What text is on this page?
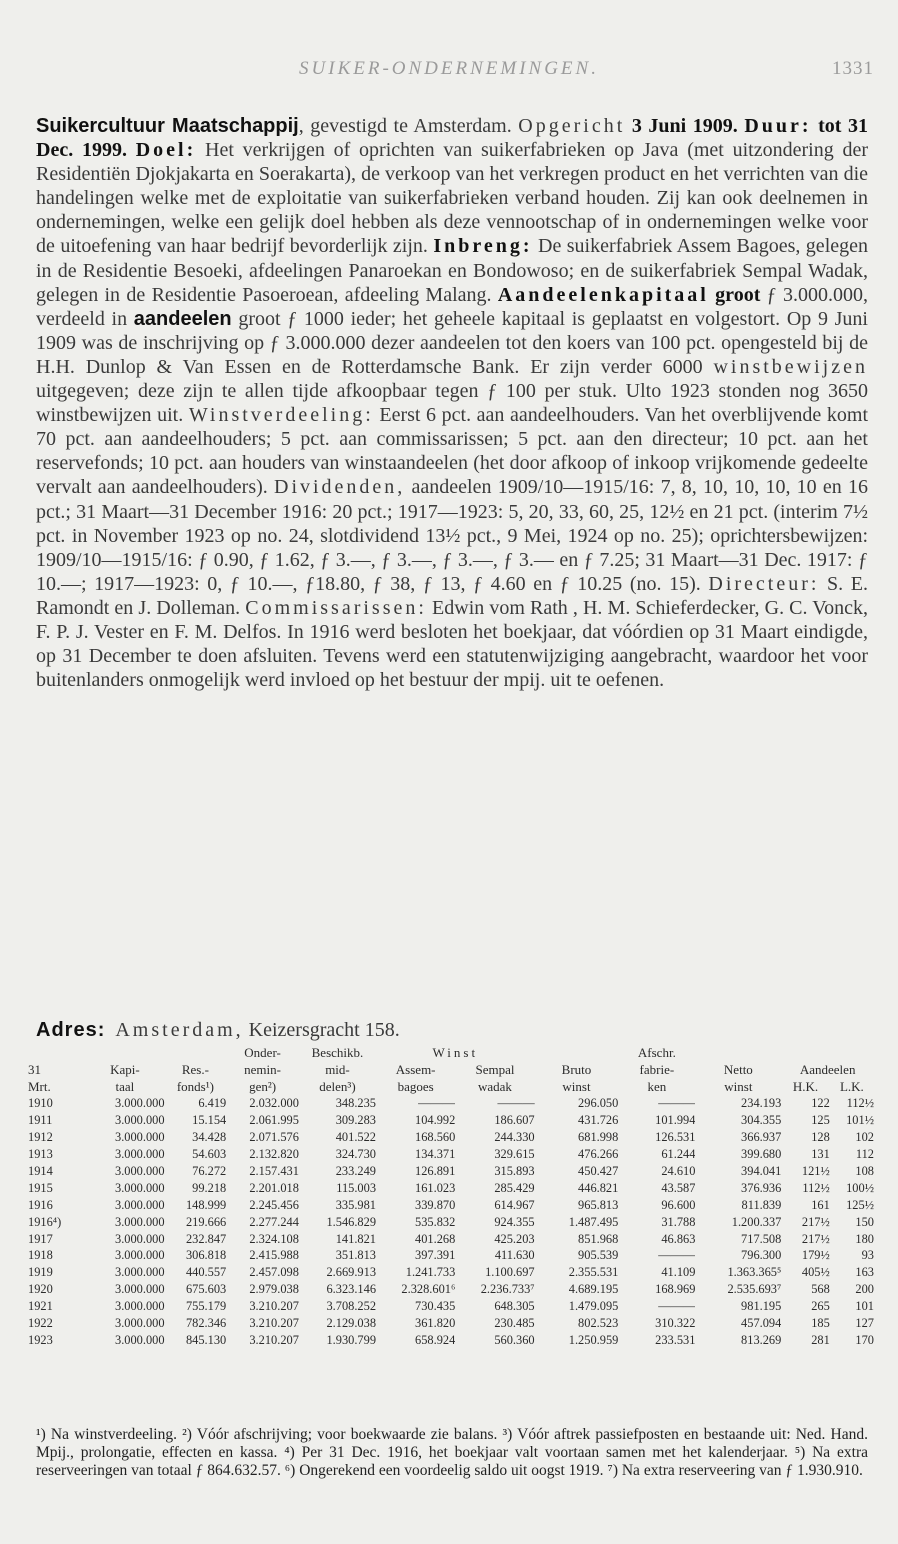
SUIKER-ONDERNEMINGEN.	1331
Suikercultuur Maatschappij, gevestigd te Amsterdam. Opgericht 3 Juni 1909. Duur: tot 31 Dec. 1999. Doel: Het verkrijgen of oprichten van suikerfabrieken op Java (met uitzondering der Residentiën Djokjakarta en Soerakarta), de verkoop van het verkregen product en het verrichten van die handelingen welke met de exploitatie van suikerfabrieken verband houden. Zij kan ook deelnemen in ondernemingen, welke een gelijk doel hebben als deze vennootschap of in ondernemingen welke voor de uitoefening van haar bedrijf bevorderlijk zijn. Inbreng: De suikerfabriek Assem Bagoes, gelegen in de Residentie Besoeki, afdeelingen Panaroekan en Bondowoso; en de suikerfabriek Sempal Wadak, gelegen in de Residentie Pasoeroean, afdeeling Malang. Aandeelenkapitaal groot ƒ 3.000.000, verdeeld in aandeelen groot ƒ 1000 ieder; het geheele kapitaal is geplaatst en volgestort. Op 9 Juni 1909 was de inschrijving op ƒ 3.000.000 dezer aandeelen tot den koers van 100 pct. opengesteld bij de H.H. Dunlop & Van Essen en de Rotterdamsche Bank. Er zijn verder 6000 winstbewijzen uitgegeven; deze zijn te allen tijde afkoopbaar tegen ƒ 100 per stuk. Ulto 1923 stonden nog 3650 winstbewijzen uit. Winstverdeeling: Eerst 6 pct. aan aandeelhouders. Van het overblijvende komt 70 pct. aan aandeelhouders; 5 pct. aan commissarissen; 5 pct. aan den directeur; 10 pct. aan het reservefonds; 10 pct. aan houders van winstaandeelen (het door afkoop of inkoop vrijkomende gedeelte vervalt aan aandeelhouders). Dividenden, aandeelen 1909/10—1915/16: 7, 8, 10, 10, 10, 10 en 16 pct.; 31 Maart—31 December 1916: 20 pct.; 1917—1923: 5, 20, 33, 60, 25, 12½ en 21 pct. (interim 7½ pct. in November 1923 op no. 24, slotdividend 13½ pct., 9 Mei, 1924 op no. 25); oprichtersbewijzen: 1909/10—1915/16: ƒ 0.90, ƒ 1.62, ƒ 3.—, ƒ 3.—, ƒ 3.—, ƒ 3.— en ƒ 7.25; 31 Maart—31 Dec. 1917: ƒ 10.—; 1917—1923: 0, ƒ 10.—, ƒ18.80, ƒ 38, ƒ 13, ƒ 4.60 en ƒ 10.25 (no. 15). Directeur: S. E. Ramondt en J. Dolleman. Commissarissen: Edwin vom Rath , H. M. Schieferdecker, G. C. Vonck, F. P. J. Vester en F. M. Delfos. In 1916 werd besloten het boekjaar, dat vóórdien op 31 Maart eindigde, op 31 December te doen afsluiten. Tevens werd een statutenwijziging aangebracht, waardoor het voor buitenlanders onmogelijk werd invloed op het bestuur der mpij. uit te oefenen.
Adres: Amsterdam, Keizersgracht 158.
			Onder-	Beschikb.	Winst			Afschr.			
31	Kapi-	Res.-	nemin-	mid-	Assem-	Sempal	Bruto	fabrie-	Netto	Aandeelen	
Mrt.	taal	fonds¹)	gen²)	delen³)	bagoes	wadak	winst	ken	winst	H.K.	L.K.
1910	3.000.000	6.419	2.032.000	348.235	———	———	296.050	———	234.193	122	112½
1911	3.000.000	15.154	2.061.995	309.283	104.992	186.607	431.726	101.994	304.355	125	101½
1912	3.000.000	34.428	2.071.576	401.522	168.560	244.330	681.998	126.531	366.937	128	102
1913	3.000.000	54.603	2.132.820	324.730	134.371	329.615	476.266	61.244	399.680	131	112
1914	3.000.000	76.272	2.157.431	233.249	126.891	315.893	450.427	24.610	394.041	121½	108
1915	3.000.000	99.218	2.201.018	115.003	161.023	285.429	446.821	43.587	376.936	112½	100½
1916	3.000.000	148.999	2.245.456	335.981	339.870	614.967	965.813	96.600	811.839	161	125½
1916⁴)	3.000.000	219.666	2.277.244	1.546.829	535.832	924.355	1.487.495	31.788	1.200.337	217½	150
1917	3.000.000	232.847	2.324.108	141.821	401.268	425.203	851.968	46.863	717.508	217½	180
1918	3.000.000	306.818	2.415.988	351.813	397.391	411.630	905.539	———	796.300	179½	93
1919	3.000.000	440.557	2.457.098	2.669.913	1.241.733	1.100.697	2.355.531	41.109	1.363.365⁵	405½	163
1920	3.000.000	675.603	2.979.038	6.323.146	2.328.601⁶	2.236.733⁷	4.689.195	168.969	2.535.693⁷	568	200
1921	3.000.000	755.179	3.210.207	3.708.252	730.435	648.305	1.479.095	———	981.195	265	101
1922	3.000.000	782.346	3.210.207	2.129.038	361.820	230.485	802.523	310.322	457.094	185	127
1923	3.000.000	845.130	3.210.207	1.930.799	658.924	560.360	1.250.959	233.531	813.269	281	170
¹) Na winstverdeeling. ²) Vóór afschrijving; voor boekwaarde zie balans. ³) Vóór aftrek passiefposten en bestaande uit: Ned. Hand. Mpij., prolongatie, effecten en kassa. ⁴) Per 31 Dec. 1916, het boekjaar valt voortaan samen met het kalenderjaar. ⁵) Na extra reserveeringen van totaal ƒ 864.632.57. ⁶) Ongerekend een voordeelig saldo uit oogst 1919. ⁷) Na extra reserveering van ƒ 1.930.910.
